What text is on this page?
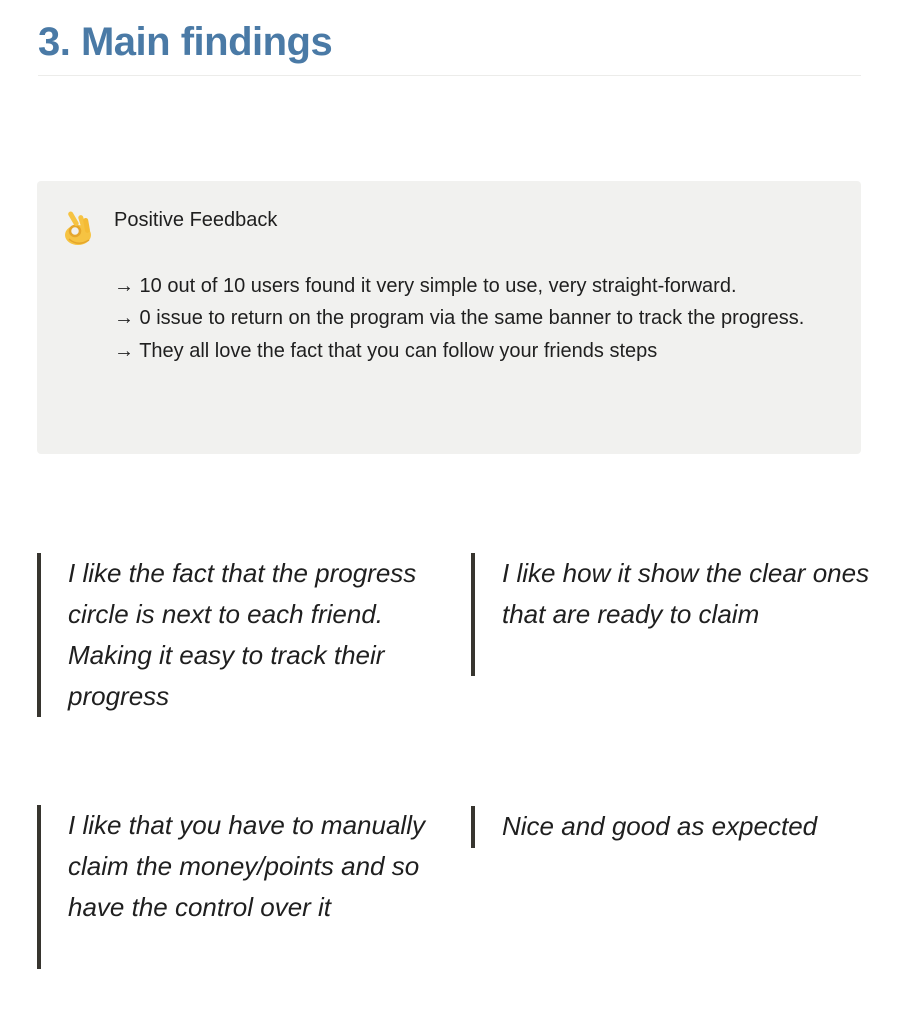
3. Main findings
Positive Feedback
→ 10 out of 10 users found it very simple to use, very straight-forward.
→ 0 issue to return on the program via the same banner to track the progress.
→ They all love the fact that you can follow your friends steps
I like the fact that the progress circle is next to each friend. Making it easy to track their progress
I like how it show the clear ones that are ready to claim
I like that you have to manually claim the money/points and so have the control over it
Nice and good as expected
